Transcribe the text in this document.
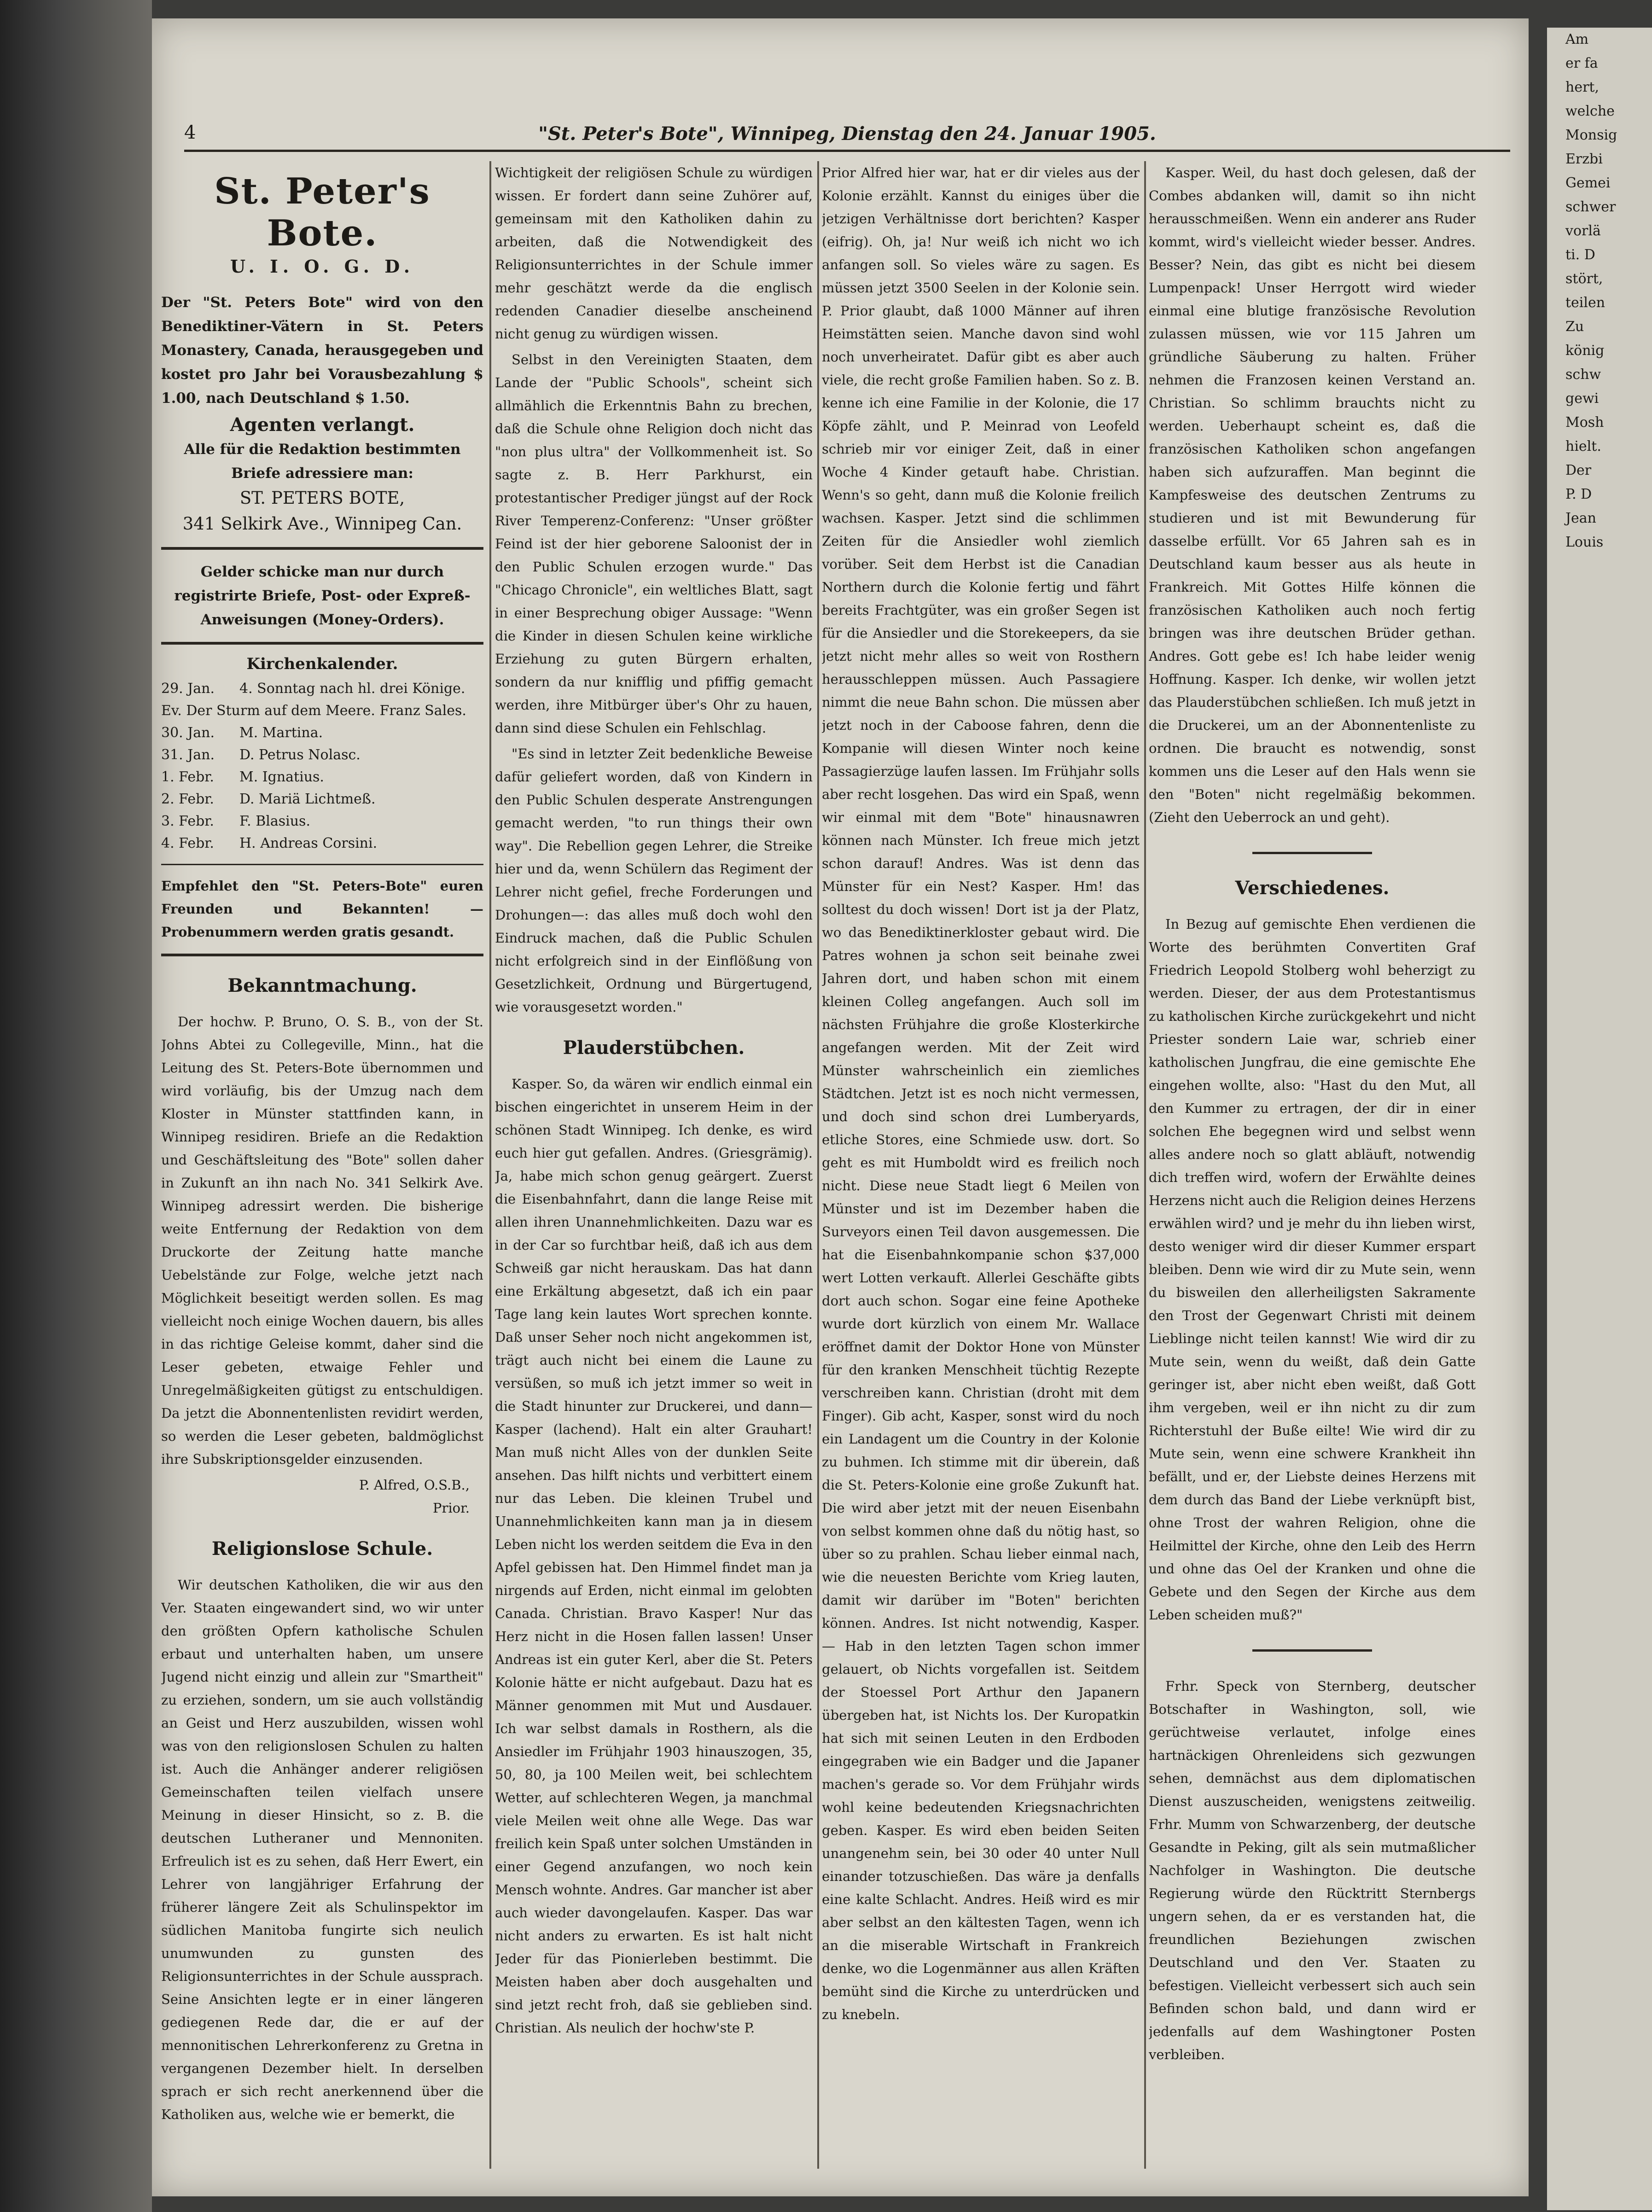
Am
er fa
hert,
welche
Monsig
Erzbi
Gemei
schwer
vorlä
ti. D
stört,
teilen
Zu
könig
schw
gewi
Mosh
hielt.
Der
P. D
Jean
Louis
4	"St. Peter's Bote", Winnipeg, Dienstag den 24. Januar 1905.
St. Peter's Bote.
U. I. O. G. D.
Der "St. Peters Bote" wird von den Benediktiner-Vätern in St. Peters Monastery, Canada, herausgegeben und kostet pro Jahr bei Vorausbezahlung $ 1.00, nach Deutschland $ 1.50.
Agenten verlangt.
Alle für die Redaktion bestimmten Briefe adressiere man:
ST. PETERS BOTE,
341 Selkirk Ave., Winnipeg Can.
Gelder schicke man nur durch registrirte Briefe, Post- oder Expreß-Anweisungen (Money-Orders).
Kirchenkalender.
29. Jan. 4. Sonntag nach hl. drei Könige. Ev. Der Sturm auf dem Meere. Franz Sales.
30. Jan. M. Martina.
31. Jan. D. Petrus Nolasc.
1. Febr. M. Ignatius.
2. Febr. D. Mariä Lichtmeß.
3. Febr. F. Blasius.
4. Febr. H. Andreas Corsini.
Empfehlet den "St. Peters-Bote" euren Freunden und Bekannten! — Probenummern werden gratis gesandt.
Bekanntmachung.

Der hochw. P. Bruno, O. S. B., von der St. Johns Abtei zu Collegeville, Minn., hat die Leitung des St. Peters-Bote übernommen und wird vorläufig, bis der Umzug nach dem Kloster in Münster stattfinden kann, in Winnipeg residiren. Briefe an die Redaktion und Geschäftsleitung des "Bote" sollen daher in Zukunft an ihn nach No. 341 Selkirk Ave. Winnipeg adressirt werden. Die bisherige weite Entfernung der Redaktion von dem Druckorte der Zeitung hatte manche Uebelstände zur Folge, welche jetzt nach Möglichkeit beseitigt werden sollen. Es mag vielleicht noch einige Wochen dauern, bis alles in das richtige Geleise kommt, daher sind die Leser gebeten, etwaige Fehler und Unregelmäßigkeiten gütigst zu entschuldigen. Da jetzt die Abonnentenlisten revidirt werden, so werden die Leser gebeten, baldmöglichst ihre Subskriptionsgelder einzusenden.

P. Alfred, O.S.B.,
Prior.
Religionslose Schule.

Wir deutschen Katholiken, die wir aus den Ver. Staaten eingewandert sind, wo wir unter den größten Opfern katholische Schulen erbaut und unterhalten haben, um unsere Jugend nicht einzig und allein zur "Smartheit" zu erziehen, sondern, um sie auch vollständig an Geist und Herz auszubilden, wissen wohl was von den religionslosen Schulen zu halten ist. Auch die Anhänger anderer religiösen Gemeinschaften teilen vielfach unsere Meinung in dieser Hinsicht, so z. B. die deutschen Lutheraner und Mennoniten. Erfreulich ist es zu sehen, daß Herr Ewert, ein Lehrer von langjähriger Erfahrung der früherer längere Zeit als Schulinspektor im südlichen Manitoba fungirte sich neulich unumwunden zu gunsten des Religionsunterrichtes in der Schule aussprach. Seine Ansichten legte er in einer längeren gediegenen Rede dar, die er auf der mennonitischen Lehrerkonferenz zu Gretna in vergangenen Dezember hielt. In derselben sprach er sich recht anerkennend über die Katholiken aus, welche wie er bemerkt, die

Wichtigkeit der religiösen Schule zu würdigen wissen. Er fordert dann seine Zuhörer auf, gemeinsam mit den Katholiken dahin zu arbeiten, daß die Notwendigkeit des Religionsunterrichtes in der Schule immer mehr geschätzt werde da die englisch redenden Canadier dieselbe anscheinend nicht genug zu würdigen wissen.

Selbst in den Vereinigten Staaten, dem Lande der "Public Schools", scheint sich allmählich die Erkenntnis Bahn zu brechen, daß die Schule ohne Religion doch nicht das "non plus ultra" der Vollkommenheit ist. So sagte z. B. Herr Parkhurst, ein protestantischer Prediger jüngst auf der Rock River Temperenz-Conferenz: "Unser größter Feind ist der hier geborene Saloonist der in den Public Schulen erzogen wurde." Das "Chicago Chronicle", ein weltliches Blatt, sagt in einer Besprechung obiger Aussage: "Wenn die Kinder in diesen Schulen keine wirkliche Erziehung zu guten Bürgern erhalten, sondern da nur knifflig und pfiffig gemacht werden, ihre Mitbürger über's Ohr zu hauen, dann sind diese Schulen ein Fehlschlag.

"Es sind in letzter Zeit bedenkliche Beweise dafür geliefert worden, daß von Kindern in den Public Schulen desperate Anstrengungen gemacht werden, "to run things their own way". Die Rebellion gegen Lehrer, die Streike hier und da, wenn Schülern das Regiment der Lehrer nicht gefiel, freche Forderungen und Drohungen—: das alles muß doch wohl den Eindruck machen, daß die Public Schulen nicht erfolgreich sind in der Einflößung von Gesetzlichkeit, Ordnung und Bürgertugend, wie vorausgesetzt worden."

Plauderstübchen.

Kasper. So, da wären wir endlich einmal ein bischen eingerichtet in unserem Heim in der schönen Stadt Winnipeg. Ich denke, es wird euch hier gut gefallen. Andres. (Griesgrämig). Ja, habe mich schon genug geärgert. Zuerst die Eisenbahnfahrt, dann die lange Reise mit allen ihren Unannehmlichkeiten. Dazu war es in der Car so furchtbar heiß, daß ich aus dem Schweiß gar nicht herauskam. Das hat dann eine Erkältung abgesetzt, daß ich ein paar Tage lang kein lautes Wort sprechen konnte. Daß unser Seher noch nicht angekommen ist, trägt auch nicht bei einem die Laune zu versüßen, so muß ich jetzt immer so weit in die Stadt hinunter zur Druckerei, und dann— Kasper (lachend). Halt ein alter Grauhart! Man muß nicht Alles von der dunklen Seite ansehen. Das hilft nichts und verbittert einem nur das Leben. Die kleinen Trubel und Unannehmlichkeiten kann man ja in diesem Leben nicht los werden seitdem die Eva in den Apfel gebissen hat. Den Himmel findet man ja nirgends auf Erden, nicht einmal im gelobten Canada. Christian. Bravo Kasper! Nur das Herz nicht in die Hosen fallen lassen! Unser Andreas ist ein guter Kerl, aber die St. Peters Kolonie hätte er nicht aufgebaut. Dazu hat es Männer genommen mit Mut und Ausdauer. Ich war selbst damals in Rosthern, als die Ansiedler im Frühjahr 1903 hinauszogen, 35, 50, 80, ja 100 Meilen weit, bei schlechtem Wetter, auf schlechteren Wegen, ja manchmal viele Meilen weit ohne alle Wege. Das war freilich kein Spaß unter solchen Umständen in einer Gegend anzufangen, wo noch kein Mensch wohnte. Andres. Gar mancher ist aber auch wieder davongelaufen. Kasper. Das war nicht anders zu erwarten. Es ist halt nicht Jeder für das Pionierleben bestimmt. Die Meisten haben aber doch ausgehalten und sind jetzt recht froh, daß sie geblieben sind. Christian. Als neulich der hochw'ste P.

Prior Alfred hier war, hat er dir vieles aus der Kolonie erzählt. Kannst du einiges über die jetzigen Verhältnisse dort berichten? Kasper (eifrig). Oh, ja! Nur weiß ich nicht wo ich anfangen soll. So vieles wäre zu sagen. Es müssen jetzt 3500 Seelen in der Kolonie sein. P. Prior glaubt, daß 1000 Männer auf ihren Heimstätten seien. Manche davon sind wohl noch unverheiratet. Dafür gibt es aber auch viele, die recht große Familien haben. So z. B. kenne ich eine Familie in der Kolonie, die 17 Köpfe zählt, und P. Meinrad von Leofeld schrieb mir vor einiger Zeit, daß in einer Woche 4 Kinder getauft habe. Christian. Wenn's so geht, dann muß die Kolonie freilich wachsen. Kasper. Jetzt sind die schlimmen Zeiten für die Ansiedler wohl ziemlich vorüber. Seit dem Herbst ist die Canadian Northern durch die Kolonie fertig und fährt bereits Frachtgüter, was ein großer Segen ist für die Ansiedler und die Storekeepers, da sie jetzt nicht mehr alles so weit von Rosthern herausschleppen müssen. Auch Passagiere nimmt die neue Bahn schon. Die müssen aber jetzt noch in der Caboose fahren, denn die Kompanie will diesen Winter noch keine Passagierzüge laufen lassen. Im Frühjahr solls aber recht losgehen. Das wird ein Spaß, wenn wir einmal mit dem "Bote" hinausnawren können nach Münster. Ich freue mich jetzt schon darauf! Andres. Was ist denn das Münster für ein Nest? Kasper. Hm! das solltest du doch wissen! Dort ist ja der Platz, wo das Benediktinerkloster gebaut wird. Die Patres wohnen ja schon seit beinahe zwei Jahren dort, und haben schon mit einem kleinen Colleg angefangen. Auch soll im nächsten Frühjahre die große Klosterkirche angefangen werden. Mit der Zeit wird Münster wahrscheinlich ein ziemliches Städtchen. Jetzt ist es noch nicht vermessen, und doch sind schon drei Lumberyards, etliche Stores, eine Schmiede usw. dort. So geht es mit Humboldt wird es freilich noch nicht. Diese neue Stadt liegt 6 Meilen von Münster und ist im Dezember haben die Surveyors einen Teil davon ausgemessen. Die hat die Eisenbahnkompanie schon $37,000 wert Lotten verkauft. Allerlei Geschäfte gibts dort auch schon. Sogar eine feine Apotheke wurde dort kürzlich von einem Mr. Wallace eröffnet damit der Doktor Hone von Münster für den kranken Menschheit tüchtig Rezepte verschreiben kann. Christian (droht mit dem Finger). Gib acht, Kasper, sonst wird du noch ein Landagent um die Country in der Kolonie zu buhmen. Ich stimme mit dir überein, daß die St. Peters-Kolonie eine große Zukunft hat. Die wird aber jetzt mit der neuen Eisenbahn von selbst kommen ohne daß du nötig hast, so über so zu prahlen. Schau lieber einmal nach, wie die neuesten Berichte vom Krieg lauten, damit wir darüber im "Boten" berichten können. Andres. Ist nicht notwendig, Kasper.— Hab in den letzten Tagen schon immer gelauert, ob Nichts vorgefallen ist. Seitdem der Stoessel Port Arthur den Japanern übergeben hat, ist Nichts los. Der Kuropatkin hat sich mit seinen Leuten in den Erdboden eingegraben wie ein Badger und die Japaner machen's gerade so. Vor dem Frühjahr wirds wohl keine bedeutenden Kriegsnachrichten geben. Kasper. Es wird eben beiden Seiten unangenehm sein, bei 30 oder 40 unter Null einander totzuschießen. Das wäre ja denfalls eine kalte Schlacht. Andres. Heiß wird es mir aber selbst an den kältesten Tagen, wenn ich an die miserable Wirtschaft in Frankreich denke, wo die Logenmänner aus allen Kräften bemüht sind die Kirche zu unterdrücken und zu knebeln.

Kasper. Weil, du hast doch gelesen, daß der Combes abdanken will, damit so ihn nicht herausschmeißen. Wenn ein anderer ans Ruder kommt, wird's vielleicht wieder besser. Andres. Besser? Nein, das gibt es nicht bei diesem Lumpenpack! Unser Herrgott wird wieder einmal eine blutige französische Revolution zulassen müssen, wie vor 115 Jahren um gründliche Säuberung zu halten. Früher nehmen die Franzosen keinen Verstand an. Christian. So schlimm brauchts nicht zu werden. Ueberhaupt scheint es, daß die französischen Katholiken schon angefangen haben sich aufzuraffen. Man beginnt die Kampfesweise des deutschen Zentrums zu studieren und ist mit Bewunderung für dasselbe erfüllt. Vor 65 Jahren sah es in Deutschland kaum besser aus als heute in Frankreich. Mit Gottes Hilfe können die französischen Katholiken auch noch fertig bringen was ihre deutschen Brüder gethan. Andres. Gott gebe es! Ich habe leider wenig Hoffnung. Kasper. Ich denke, wir wollen jetzt das Plauderstübchen schließen. Ich muß jetzt in die Druckerei, um an der Abonnentenliste zu ordnen. Die braucht es notwendig, sonst kommen uns die Leser auf den Hals wenn sie den "Boten" nicht regelmäßig bekommen. (Zieht den Ueberrock an und geht).

Verschiedenes.

In Bezug auf gemischte Ehen verdienen die Worte des berühmten Convertiten Graf Friedrich Leopold Stolberg wohl beherzigt zu werden. Dieser, der aus dem Protestantismus zu katholischen Kirche zurückgekehrt und nicht Priester sondern Laie war, schrieb einer katholischen Jungfrau, die eine gemischte Ehe eingehen wollte, also: "Hast du den Mut, all den Kummer zu ertragen, der dir in einer solchen Ehe begegnen wird und selbst wenn alles andere noch so glatt abläuft, notwendig dich treffen wird, wofern der Erwählte deines Herzens nicht auch die Religion deines Herzens erwählen wird? und je mehr du ihn lieben wirst, desto weniger wird dir dieser Kummer erspart bleiben. Denn wie wird dir zu Mute sein, wenn du bisweilen den allerheiligsten Sakramente den Trost der Gegenwart Christi mit deinem Lieblinge nicht teilen kannst! Wie wird dir zu Mute sein, wenn du weißt, daß dein Gatte geringer ist, aber nicht eben weißt, daß Gott ihm vergeben, weil er ihn nicht zu dir zum Richterstuhl der Buße eilte! Wie wird dir zu Mute sein, wenn eine schwere Krankheit ihn befällt, und er, der Liebste deines Herzens mit dem durch das Band der Liebe verknüpft bist, ohne Trost der wahren Religion, ohne die Heilmittel der Kirche, ohne den Leib des Herrn und ohne das Oel der Kranken und ohne die Gebete und den Segen der Kirche aus dem Leben scheiden muß?"

Frhr. Speck von Sternberg, deutscher Botschafter in Washington, soll, wie gerüchtweise verlautet, infolge eines hartnäckigen Ohrenleidens sich gezwungen sehen, demnächst aus dem diplomatischen Dienst auszuscheiden, wenigstens zeitweilig. Frhr. Mumm von Schwarzenberg, der deutsche Gesandte in Peking, gilt als sein mutmaßlicher Nachfolger in Washington. Die deutsche Regierung würde den Rücktritt Sternbergs ungern sehen, da er es verstanden hat, die freundlichen Beziehungen zwischen Deutschland und den Ver. Staaten zu befestigen. Vielleicht verbessert sich auch sein Befinden schon bald, und dann wird er jedenfalls auf dem Washingtoner Posten verbleiben.
